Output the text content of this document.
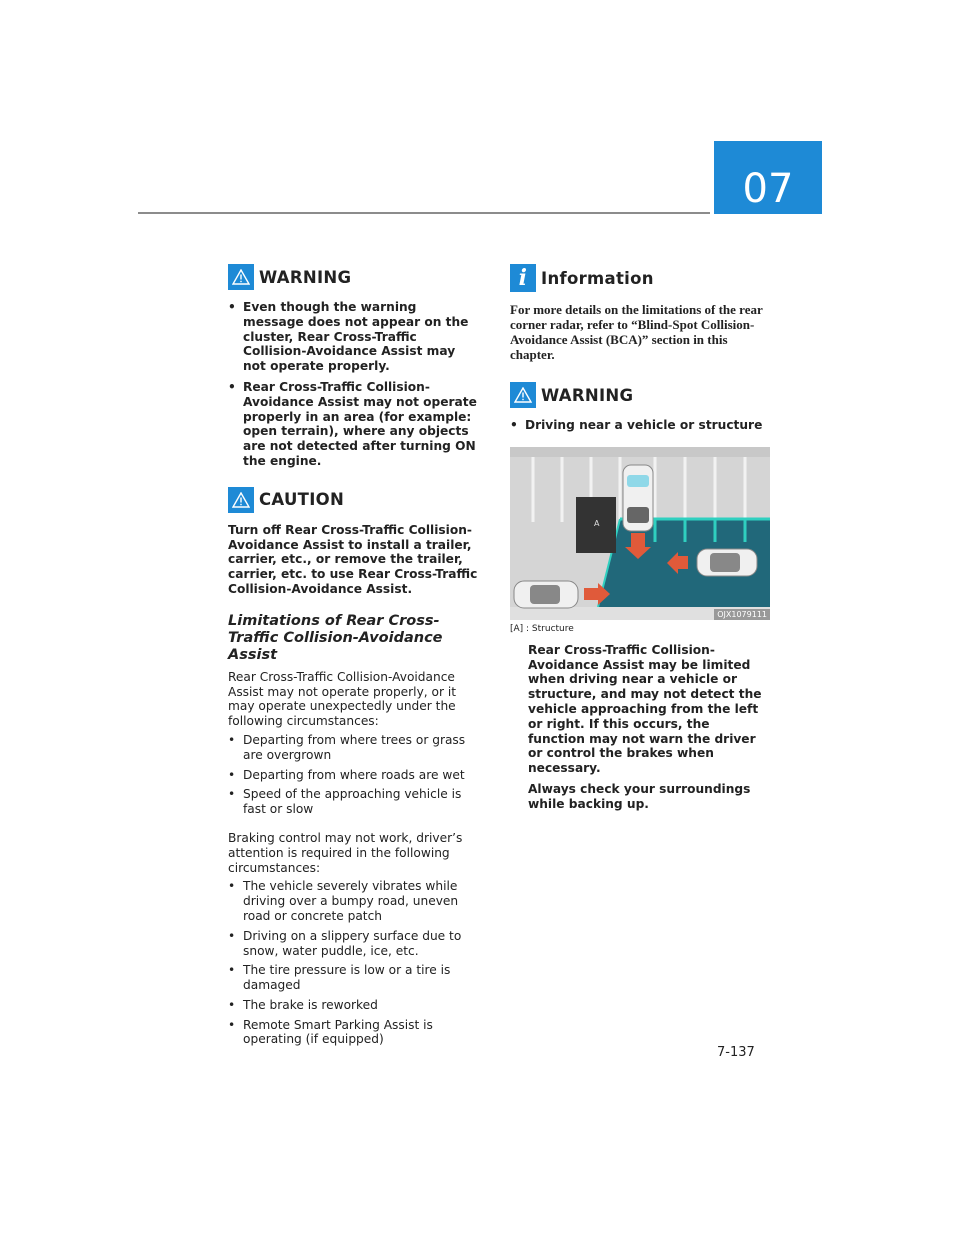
07
WARNING
• Even though the warning message does not appear on the cluster, Rear Cross-Traffic Collision-Avoidance Assist may not operate properly.
• Rear Cross-Traffic Collision-Avoidance Assist may not operate properly in an area (for example: open terrain), where any objects are not detected after turning ON the engine.
CAUTION

Turn off Rear Cross-Traffic Collision-Avoidance Assist to install a trailer, carrier, etc., or remove the trailer, carrier, etc. to use Rear Cross-Traffic Collision-Avoidance Assist.

Limitations of Rear Cross-Traffic Collision-Avoidance Assist

Rear Cross-Traffic Collision-Avoidance Assist may not operate properly, or it may operate unexpectedly under the following circumstances:

• Departing from where trees or grass are overgrown
• Departing from where roads are wet
• Speed of the approaching vehicle is fast or slow

Braking control may not work, driver’s attention is required in the following circumstances:

• The vehicle severely vibrates while driving over a bumpy road, uneven road or concrete patch
• Driving on a slippery surface due to snow, water puddle, ice, etc.
• The tire pressure is low or a tire is damaged
• The brake is reworked
• Remote Smart Parking Assist is operating (if equipped)
i Information

For more details on the limitations of the rear corner radar, refer to “Blind-Spot Collision-Avoidance Assist (BCA)” section in this chapter.

WARNING
• Driving near a vehicle or structure
A
OJX1079111
[A] : Structure

Rear Cross-Traffic Collision-Avoidance Assist may be limited when driving near a vehicle or structure, and may not detect the vehicle approaching from the left or right. If this occurs, the function may not warn the driver or control the brakes when necessary.

Always check your surroundings while backing up.

7-137
